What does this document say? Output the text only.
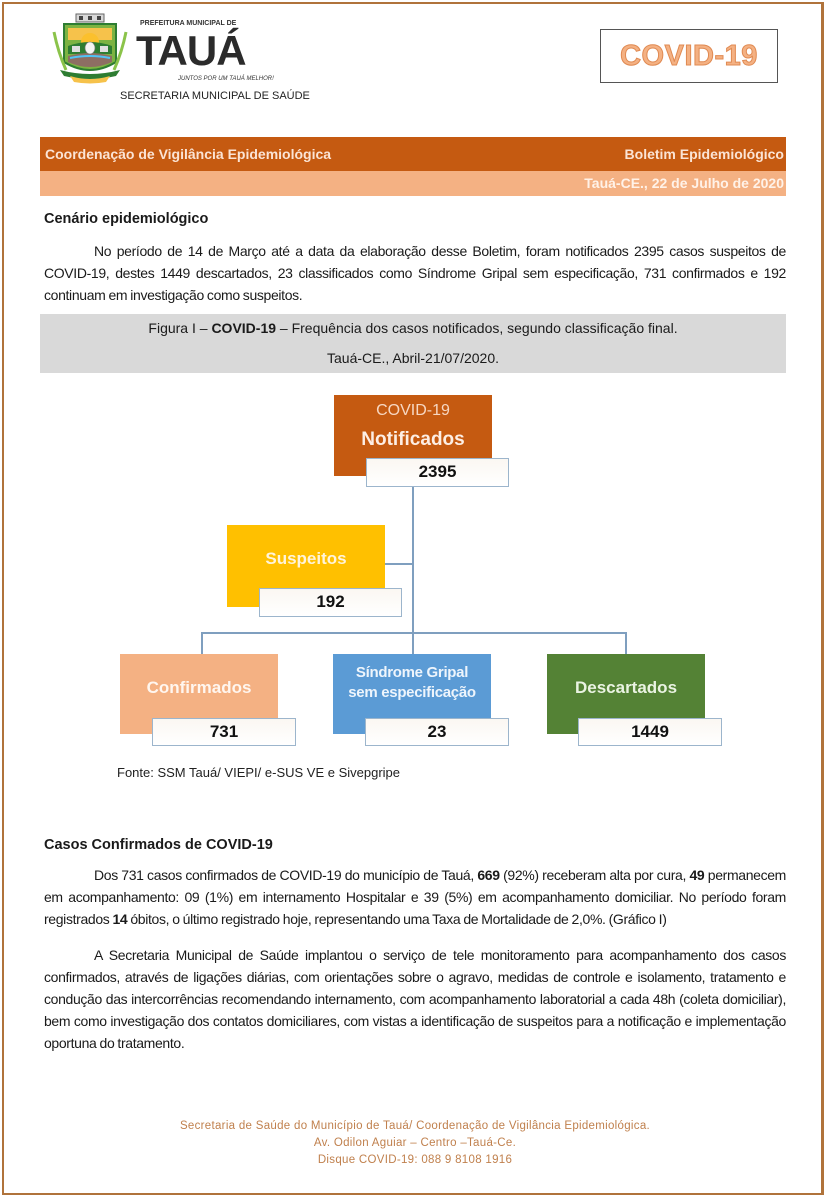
PREFEITURA MUNICIPAL DE
TAUÁ
JUNTOS POR UM TAUÁ MELHOR!
SECRETARIA MUNICIPAL DE SAÚDE
COVID-19
Coordenação de Vigilância Epidemiológica	Boletim Epidemiológico
Tauá-CE., 22 de Julho de 2020
Cenário epidemiológico

No período de 14 de Março até a data da elaboração desse Boletim, foram notificados 2395 casos suspeitos de COVID-19, destes 1449 descartados, 23 classificados como Síndrome Gripal sem especificação, 731 confirmados e 192 continuam em investigação como suspeitos.

Figura I – COVID-19 – Frequência dos casos notificados, segundo classificação final.
Tauá-CE., Abril-21/07/2020.
COVID-19
Notificados
2395
Suspeitos
192
Confirmados
731
Síndrome Gripal
sem especificação
23
Descartados
1449
Fonte: SSM Tauá/ VIEPI/ e-SUS VE e Sivepgripe
Casos Confirmados de COVID-19

Dos 731 casos confirmados de COVID-19 do município de Tauá, 669 (92%) receberam alta por cura, 49 permanecem em acompanhamento: 09 (1%) em internamento Hospitalar e 39 (5%) em acompanhamento domiciliar. No período foram registrados 14 óbitos, o último registrado hoje, representando uma Taxa de Mortalidade de 2,0%. (Gráfico I)

A Secretaria Municipal de Saúde implantou o serviço de tele monitoramento para acompanhamento dos casos confirmados, através de ligações diárias, com orientações sobre o agravo, medidas de controle e isolamento, tratamento e condução das intercorrências recomendando internamento, com acompanhamento laboratorial a cada 48h (coleta domiciliar), bem como investigação dos contatos domiciliares, com vistas a identificação de suspeitos para a notificação e implementação oportuna do tratamento.

Secretaria de Saúde do Município de Tauá/ Coordenação de Vigilância Epidemiológica.
Av. Odilon Aguiar – Centro –Tauá-Ce.
Disque COVID-19: 088 9 8108 1916
